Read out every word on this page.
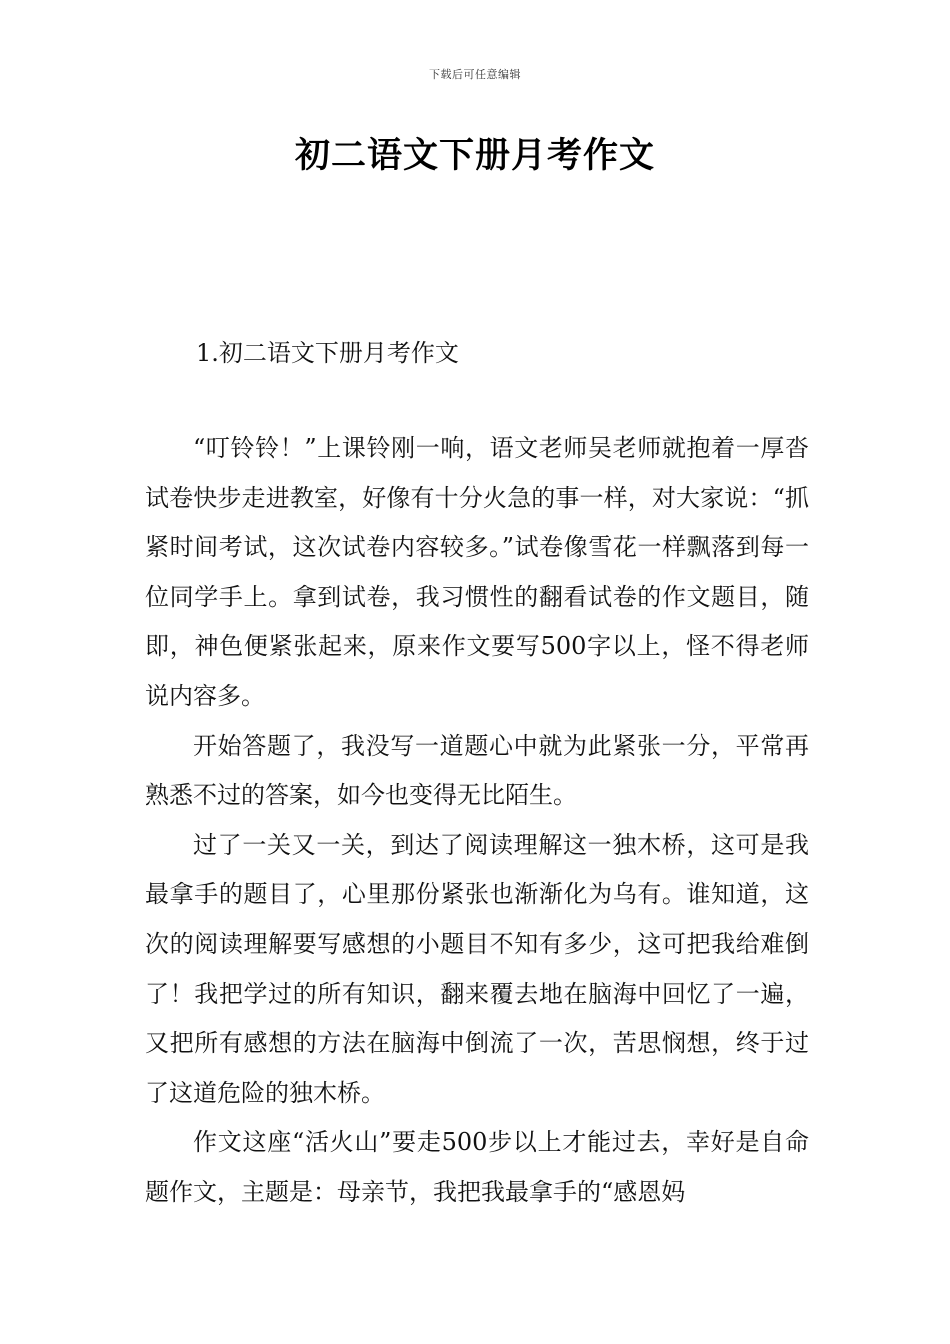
下载后可任意编辑
初二语文下册月考作文
1.初二语文下册月考作文

“叮铃铃！”上课铃刚一响，语文老师吴老师就抱着一厚沓试卷快步走进教室，好像有十分火急的事一样，对大家说：“抓紧时间考试，这次试卷内容较多。”试卷像雪花一样飘落到每一位同学手上。拿到试卷，我习惯性的翻看试卷的作文题目，随即，神色便紧张起来，原来作文要写500字以上，怪不得老师说内容多。

开始答题了，我没写一道题心中就为此紧张一分，平常再熟悉不过的答案，如今也变得无比陌生。

过了一关又一关，到达了阅读理解这一独木桥，这可是我最拿手的题目了，心里那份紧张也渐渐化为乌有。谁知道，这次的阅读理解要写感想的小题目不知有多少，这可把我给难倒了！我把学过的所有知识，翻来覆去地在脑海中回忆了一遍，又把所有感想的方法在脑海中倒流了一次，苦思悯想，终于过了这道危险的独木桥。

作文这座“活火山”要走500步以上才能过去，幸好是自命题作文，主题是：母亲节，我把我最拿手的“感恩妈
